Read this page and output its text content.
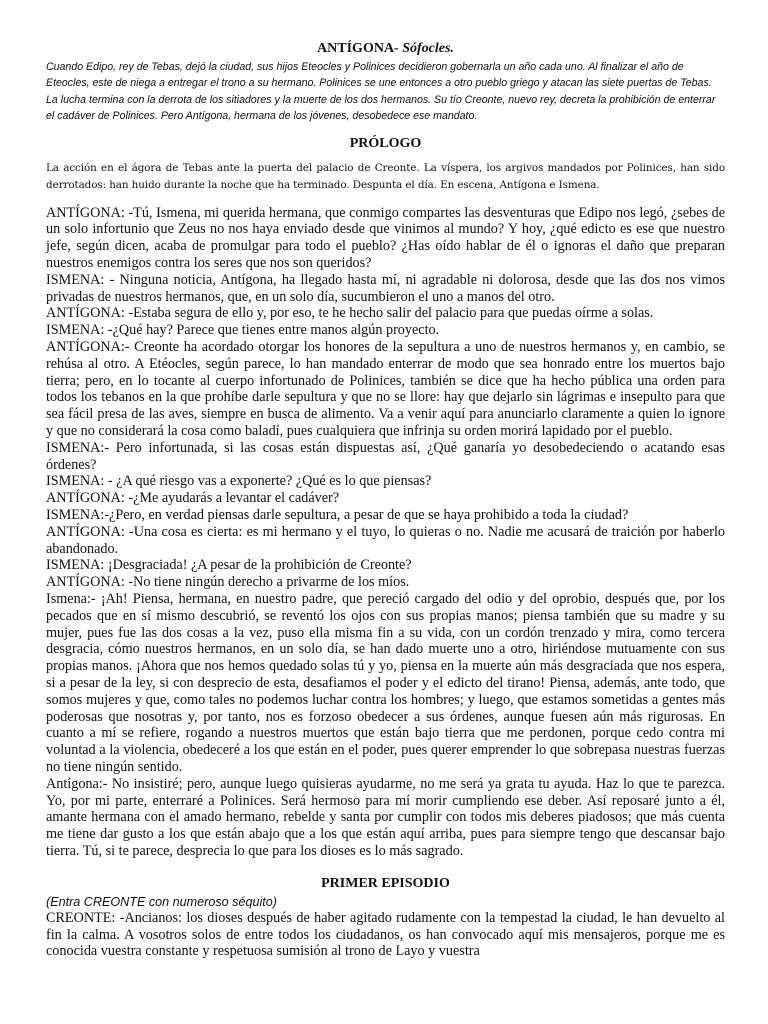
ANTÍGONA- Sófocles.

Cuando Edipo, rey de Tebas, dejó la ciudad, sus hijos Eteocles y Polinices decidieron gobernarla un año cada uno. Al finalizar el año de Eteocles, este de niega a entregar el trono a su hermano. Polinices se une entonces a otro pueblo griego y atacan las siete puertas de Tebas. La lucha termina con la derrota de los sitiadores y la muerte de los dos hermanos. Su tío Creonte, nuevo rey, decreta la prohibición de enterrar el cadáver de Polinices. Pero Antígona, hermana de los jóvenes, desobedece ese mandato.

PRÓLOGO

La acción en el ágora de Tebas ante la puerta del palacio de Creonte. La víspera, los argivos mandados por Polinices, han sido derrotados: han huido durante la noche que ha terminado. Despunta el día. En escena, Antígona e Ismena.

ANTÍGONA: -Tú, Ismena, mi querida hermana, que conmigo compartes las desventuras que Edipo nos legó, ¿sebes de un solo infortunio que Zeus no nos haya enviado desde que vinimos al mundo? Y hoy, ¿qué edicto es ese que nuestro jefe, según dicen, acaba de promulgar para todo el pueblo? ¿Has oído hablar de él o ignoras el daño que preparan nuestros enemigos contra los seres que nos son queridos?

ISMENA: - Ninguna noticia, Antígona, ha llegado hasta mí, ni agradable ni dolorosa, desde que las dos nos vimos privadas de nuestros hermanos, que, en un solo día, sucumbieron el uno a manos del otro.

ANTÍGONA: -Estaba segura de ello y, por eso, te he hecho salir del palacio para que puedas oírme a solas.

ISMENA: -¿Qué hay? Parece que tienes entre manos algún proyecto.

ANTÍGONA:- Creonte ha acordado otorgar los honores de la sepultura a uno de nuestros hermanos y, en cambio, se rehúsa al otro. A Etéocles, según parece, lo han mandado enterrar de modo que sea honrado entre los muertos bajo tierra; pero, en lo tocante al cuerpo infortunado de Polinices, también se dice que ha hecho pública una orden para todos los tebanos en la que prohíbe darle sepultura y que no se llore: hay que dejarlo sin lágrimas e insepulto para que sea fácil presa de las aves, siempre en busca de alimento. Va a venir aquí para anunciarlo claramente a quien lo ignore y que no considerará la cosa como baladí, pues cualquiera que infrinja su orden morirá lapidado por el pueblo.

ISMENA:- Pero infortunada, si las cosas están dispuestas así, ¿Qué ganaría yo desobedeciendo o acatando esas órdenes?

ISMENA: - ¿A qué riesgo vas a exponerte? ¿Qué es lo que piensas?

ANTÍGONA: -¿Me ayudarás a levantar el cadáver?

ISMENA:-¿Pero, en verdad piensas darle sepultura, a pesar de que se haya prohibido a toda la ciudad?

ANTÍGONA: -Una cosa es cierta: es mi hermano y el tuyo, lo quieras o no. Nadie me acusará de traición por haberlo abandonado.

ISMENA: ¡Desgraciada! ¿A pesar de la prohibición de Creonte?

ANTÍGONA: -No tiene ningún derecho a privarme de los míos.

Ismena:- ¡Ah! Piensa, hermana, en nuestro padre, que pereció cargado del odio y del oprobio, después que, por los pecados que en sí mismo descubrió, se reventó los ojos con sus propias manos; piensa también que su madre y su mujer, pues fue las dos cosas a la vez, puso ella misma fin a su vida, con un cordón trenzado y mira, como tercera desgracia, cómo nuestros hermanos, en un solo día, se han dado muerte uno a otro, hiriéndose mutuamente con sus propias manos. ¡Ahora que nos hemos quedado solas tú y yo, piensa en la muerte aún más desgraciada que nos espera, si a pesar de la ley, si con desprecio de esta, desafiamos el poder y el edicto del tirano! Piensa, además, ante todo, que somos mujeres y que, como tales no podemos luchar contra los hombres; y luego, que estamos sometidas a gentes más poderosas que nosotras y, por tanto, nos es forzoso obedecer a sus órdenes, aunque fuesen aún más rigurosas. En cuanto a mí se refiere, rogando a nuestros muertos que están bajo tierra que me perdonen, porque cedo contra mi voluntad a la violencia, obedeceré a los que están en el poder, pues querer emprender lo que sobrepasa nuestras fuerzas no tiene ningún sentido.

Antígona:- No insistiré; pero, aunque luego quisieras ayudarme, no me será ya grata tu ayuda. Haz lo que te parezca. Yo, por mi parte, enterraré a Polinices. Será hermoso para mí morir cumpliendo ese deber. Así reposaré junto a él, amante hermana con el amado hermano, rebelde y santa por cumplir con todos mis deberes piadosos; que más cuenta me tiene dar gusto a los que están abajo que a los que están aquí arriba, pues para siempre tengo que descansar bajo tierra. Tú, si te parece, desprecia lo que para los dioses es lo más sagrado.

PRIMER EPISODIO

(Entra CREONTE con numeroso séquito)

CREONTE: -Ancianos: los dioses después de haber agitado rudamente con la tempestad la ciudad, le han devuelto al fin la calma. A vosotros solos de entre todos los ciudadanos, os han convocado aquí mis mensajeros, porque me es conocida vuestra constante y respetuosa sumisión al trono de Layo y vuestra
